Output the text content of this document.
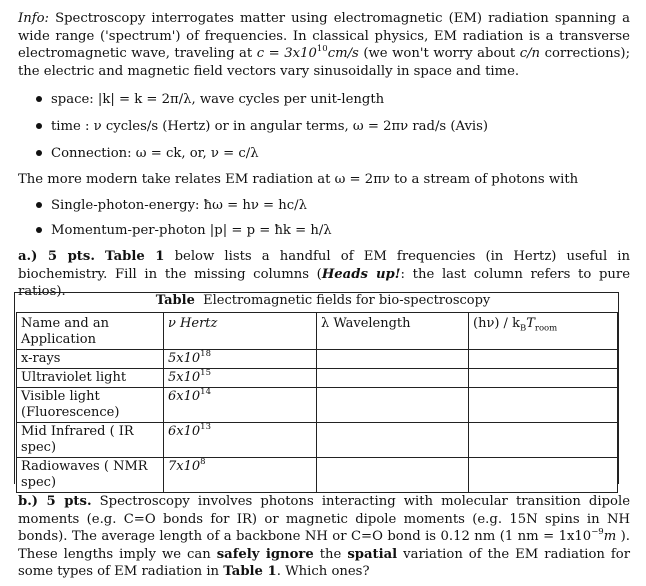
Info: Spectroscopy interrogates matter using electromagnetic (EM) radiation spanning a wide range ('spectrum') of frequencies. In classical physics, EM radiation is a transverse electromagnetic wave, traveling at $c = 3x10^{10}cm/s$ (we won't worry about c/n corrections); the electric and magnetic field vectors vary sinusoidally in space and time.

space: |k| = k = 2π/λ, wave cycles per unit-length
time : ν cycles/s (Hertz) or in angular terms, ω = 2πν rad/s (Avis)
Connection: ω = ck, or, ν = c/λ

The more modern take relates EM radiation at ω = 2πν to a stream of photons with

Single-photon-energy: ħω = hν = hc/λ
Momentum-per-photon |p| = p = ħk = h/λ

a.) 5 pts. Table 1 below lists a handful of EM frequencies (in Hertz) useful in biochemistry. Fill in the missing columns (Heads up!: the last column refers to pure ratios).

Table Electromagnetic fields for bio-spectroscopy
Name and an Application	ν Hertz	λ Wavelength	$(h\nu) / k_BT_{room}$
x-rays	$5x10^{18}$		
Ultraviolet light	$5x10^{15}$		
Visible light (Fluorescence)	$6x10^{14}$		
Mid Infrared ( IR spec)	$6x10^{13}$		
Radiowaves ( NMR spec)	$7x10^8$		

b.) 5 pts. Spectroscopy involves photons interacting with molecular transition dipole moments (e.g. C=O bonds for IR) or magnetic dipole moments (e.g. 15N spins in NH bonds). The average length of a backbone NH or C=O bond is 0.12 nm (1 nm = $1x10^{-9}m$ ). These lengths imply we can safely ignore the spatial variation of the EM radiation for some types of EM radiation in Table 1. Which ones?
